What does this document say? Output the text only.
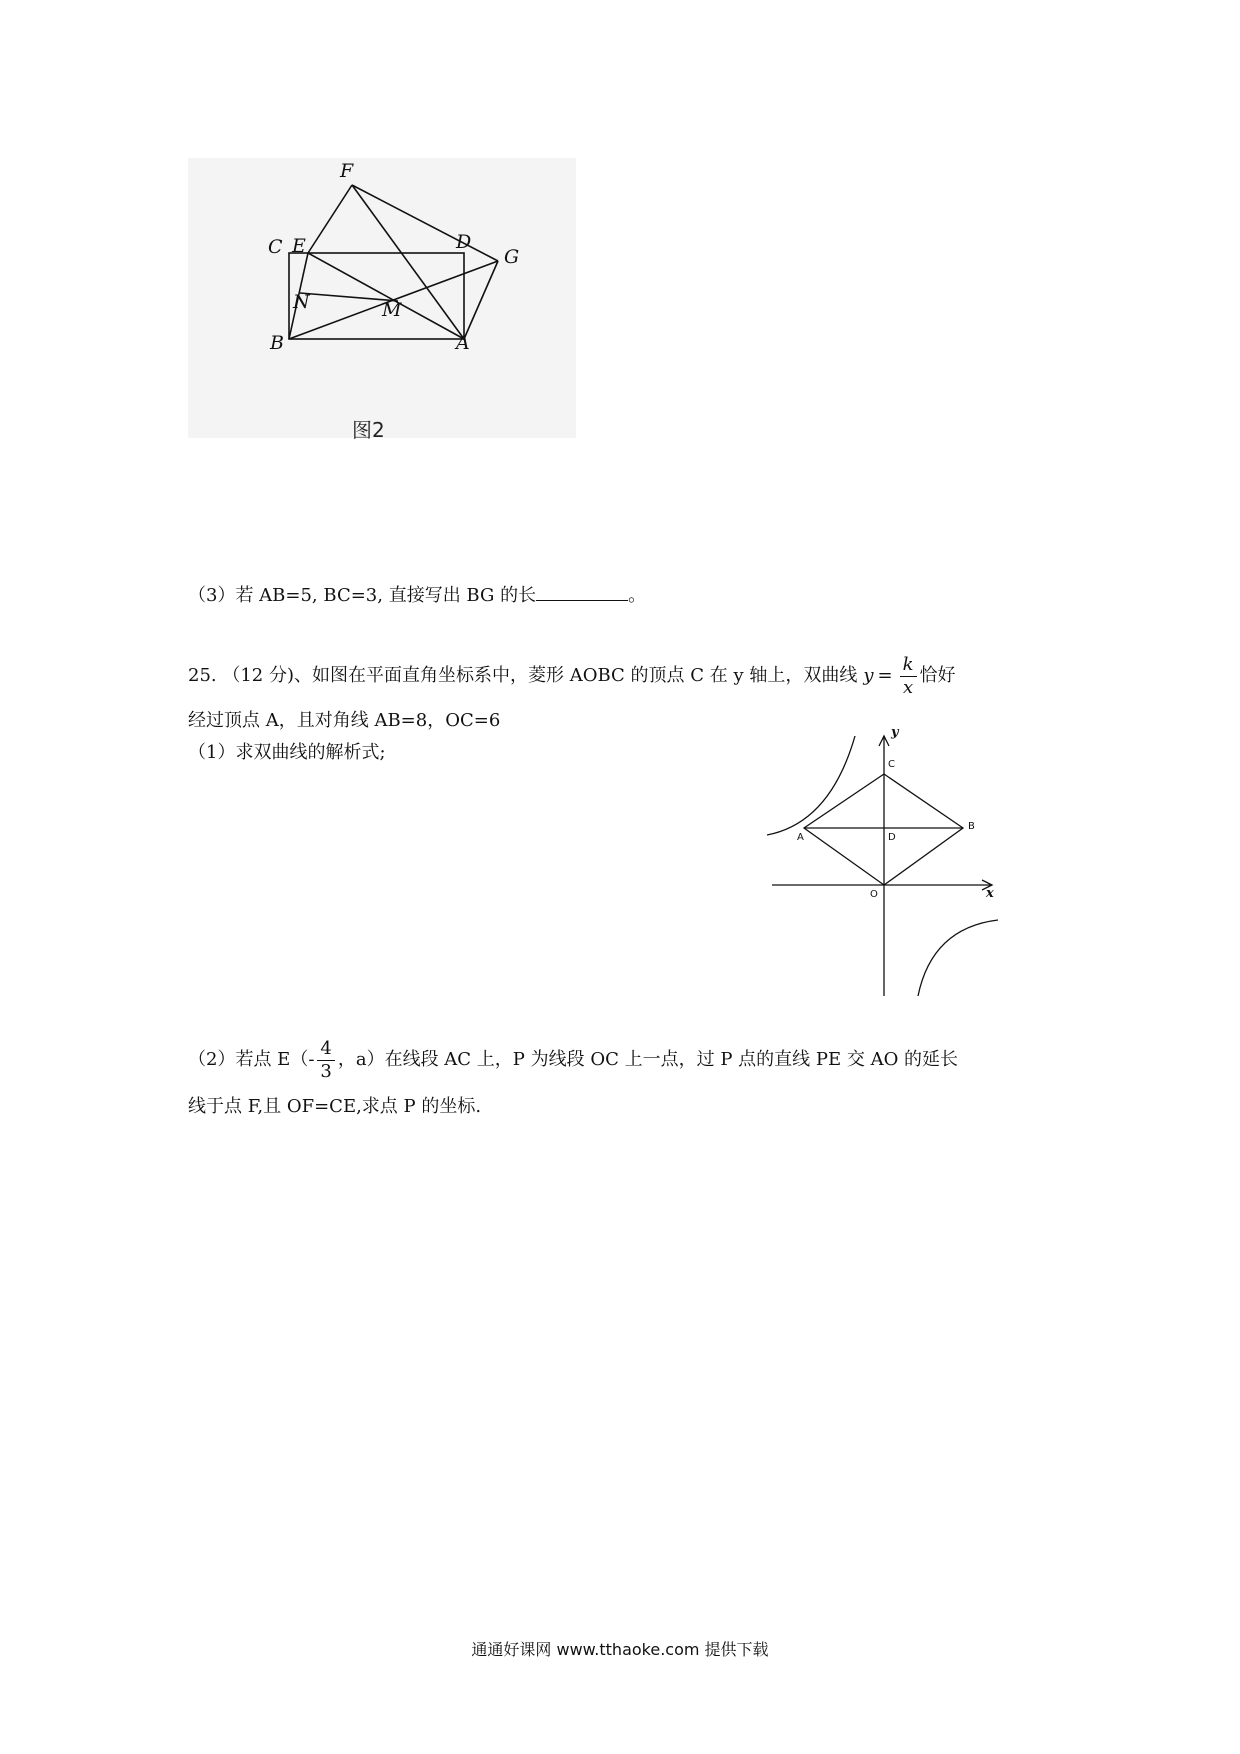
F
C E	D
G
N	M
B	A
图2
（3）若 AB=5, BC=3, 直接写出 BG 的长	。
25. （12 分)、如图在平面直角坐标系中，菱形 AOBC 的顶点 C 在 y 轴上，双曲线 $y = \frac{k}{x}$ 恰好
经过顶点 A，且对角线 AB=8，OC=6
（1）求双曲线的解析式;
y
x
C
A	D
B
O
（2）若点 $E(- \frac{4}{3}$ ，a）在线段 AC 上，P 为线段 OC 上一点，过 P 点的直线 PE 交 AO 的延长
线于点 F,且 OF=CE,求点 P 的坐标.
通通好课网 www.tthaoke.com 提供下载
